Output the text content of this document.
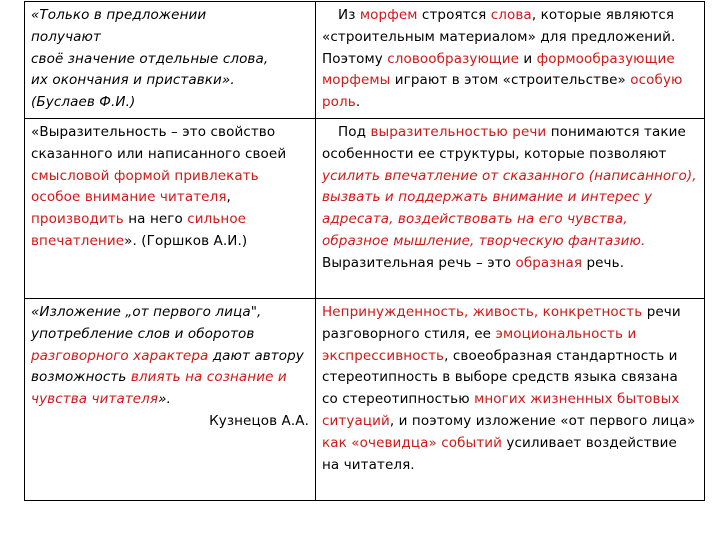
«Только в предложении
получают
своё значение отдельные слова,
их окончания и приставки».
(Буслаев Ф.И.)	Из морфем строятся слова, которые являются «строительным материалом» для предложений. Поэтому словообразующие и формообразующие морфемы играют в этом «строительстве» особую роль.
«Выразительность – это свойство сказанного или написанного своей смысловой формой привлекать особое внимание читателя, производить на него сильное впечатление». (Горшков А.И.)	Под выразительностью речи понимаются такие особенности ее структуры, которые позволяют усилить впечатление от сказанного (написанного), вызвать и поддержать внимание и интерес у адресата, воздействовать на его чувства, образное мышление, творческую фантазию. Выразительная речь – это образная речь.
«Изложение „от первого лица", употребление слов и оборотов разговорного характера дают автору возможность влиять на сознание и чувства читателя».
Кузнецов А.А.	Непринужденность, живость, конкретность речи разговорного стиля, ее эмоциональность и экспрессивность, своеобразная стандартность и стереотипность в выборе средств языка связана со стереотипностью многих жизненных бытовых ситуаций, и поэтому изложение «от первого лица» как «очевидца» событий усиливает воздействие на читателя.
